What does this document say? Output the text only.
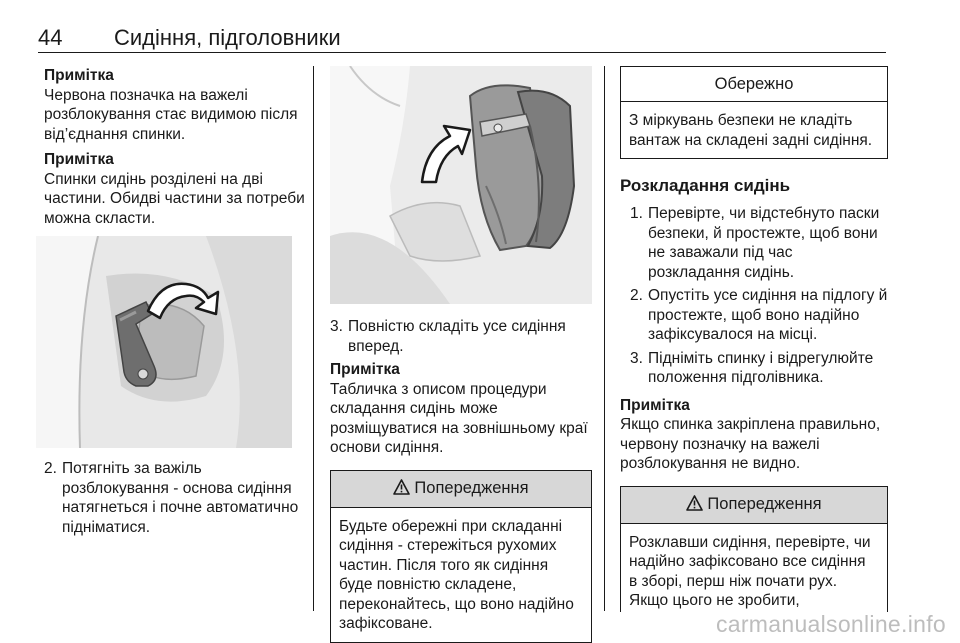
44 Сидіння, підголовники
Примітка
Червона позначка на важелі розблокування стає видимою після від’єднання спинки.
Примітка
Спинки сидінь розділені на дві частини. Обидві частини за потреби можна скласти.
2. Потягніть за важіль розблокування - основа сидіння натягнеться і почне автоматично підніматися.
3. Повністю складіть усе сидіння вперед.
Примітка
Табличка з описом процедури складання сидінь може розміщуватися на зовнішньому краї основи сидіння.
Попередження
Будьте обережні при складанні сидіння - стережіться рухомих частин. Після того як сидіння буде повністю складене, переконайтесь, що воно надійно зафіксоване.
Обережно
З міркувань безпеки не кладіть вантаж на складені задні сидіння.
Розкладання сидінь
1. Перевірте, чи відстебнуто паски безпеки, й простежте, щоб вони не заважали під час розкладання сидінь.
2. Опустіть усе сидіння на підлогу й простежте, щоб воно надійно зафіксувалося на місці.
3. Підніміть спинку і відрегулюйте положення підголівника.
Примітка
Якщо спинка закріплена правильно, червону позначку на важелі розблокування не видно.
Попередження
Розклавши сидіння, перевірте, чи надійно зафіксовано все сидіння в зборі, перш ніж почати рух. Якщо цього не зробити,
carmanualsonline.info
